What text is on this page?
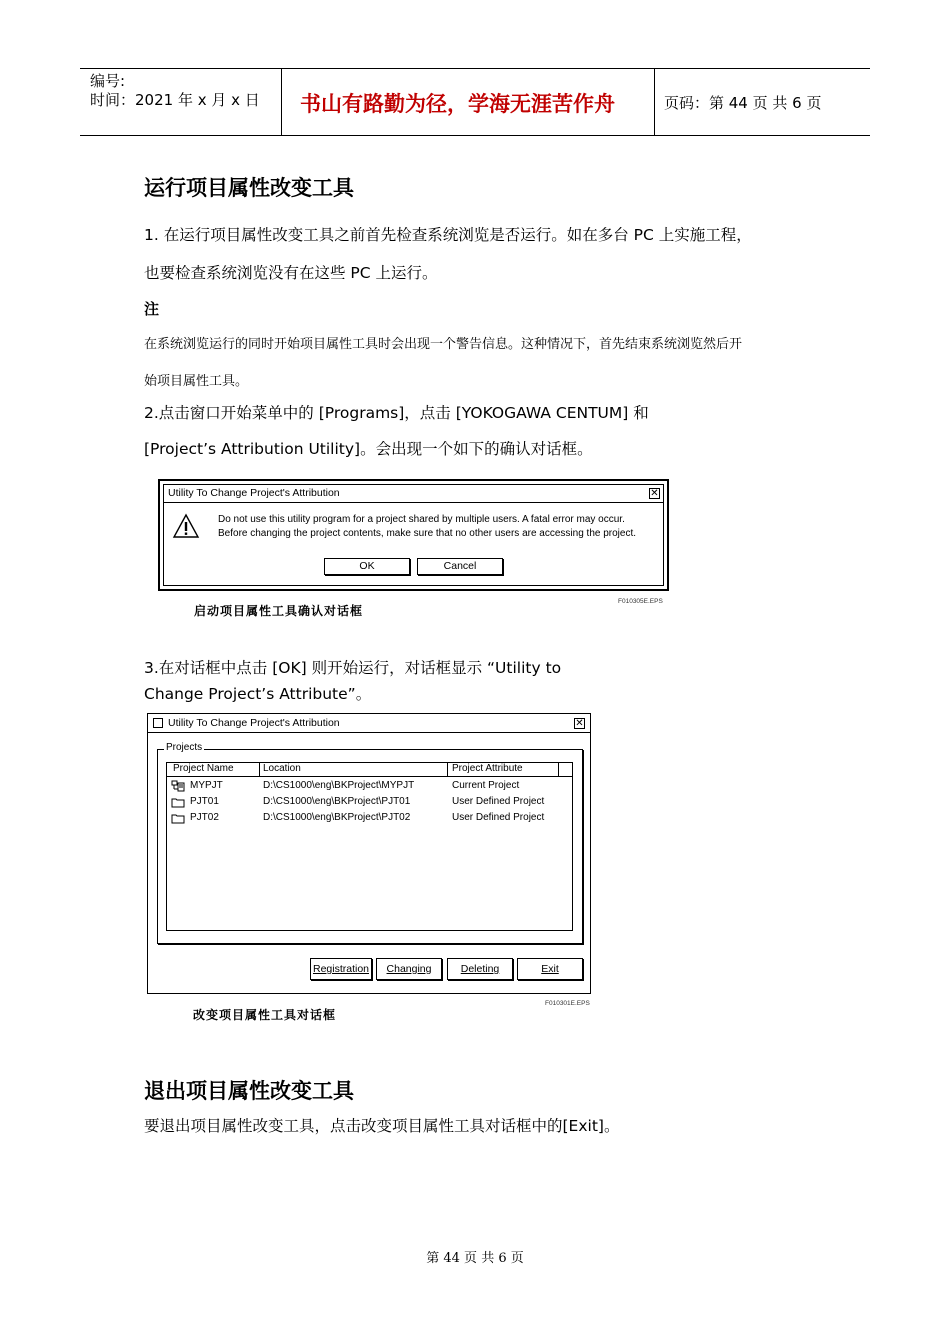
编号:
时间：2021 年 x 月 x 日 书山有路勤为径，学海无涯苦作舟	页码：第 44 页 共 6 页
运行项目属性改变工具
1. 在运行项目属性改变工具之前首先检查系统浏览是否运行。如在多台 PC 上实施工程，
也要检查系统浏览没有在这些 PC 上运行。
注
在系统浏览运行的同时开始项目属性工具时会出现一个警告信息。这种情况下，首先结束系统浏览然后开
始项目属性工具。
2.点击窗口开始菜单中的 [Programs]，点击 [YOKOGAWA CENTUM] 和
[Project’s Attribution Utility]。会出现一个如下的确认对话框。
Utility To Change Project's Attribution	✕
Do not use this utility program for a project shared by multiple users. A fatal error may occur.
Before changing the project contents, make sure that no other users are accessing the project.
OK	Cancel
F010305E.EPS
启动项目属性工具确认对话框
3.在对话框中点击 [OK] 则开始运行，对话框显示 “Utility to
Change Project’s Attribute”。
Utility To Change Project's Attribution	✕
Projects
Project Name	Location	Project Attribute
MYPJT	D:\CS1000\eng\BKProject\MYPJT	Current Project
PJT01	D:\CS1000\eng\BKProject\PJT01	User Defined Project
PJT02	D:\CS1000\eng\BKProject\PJT02	User Defined Project
Registration	Changing	Deleting	Exit
F010301E.EPS
改变项目属性工具对话框
退出项目属性改变工具
要退出项目属性改变工具，点击改变项目属性工具对话框中的[Exit]。
第 44 页 共 6 页
